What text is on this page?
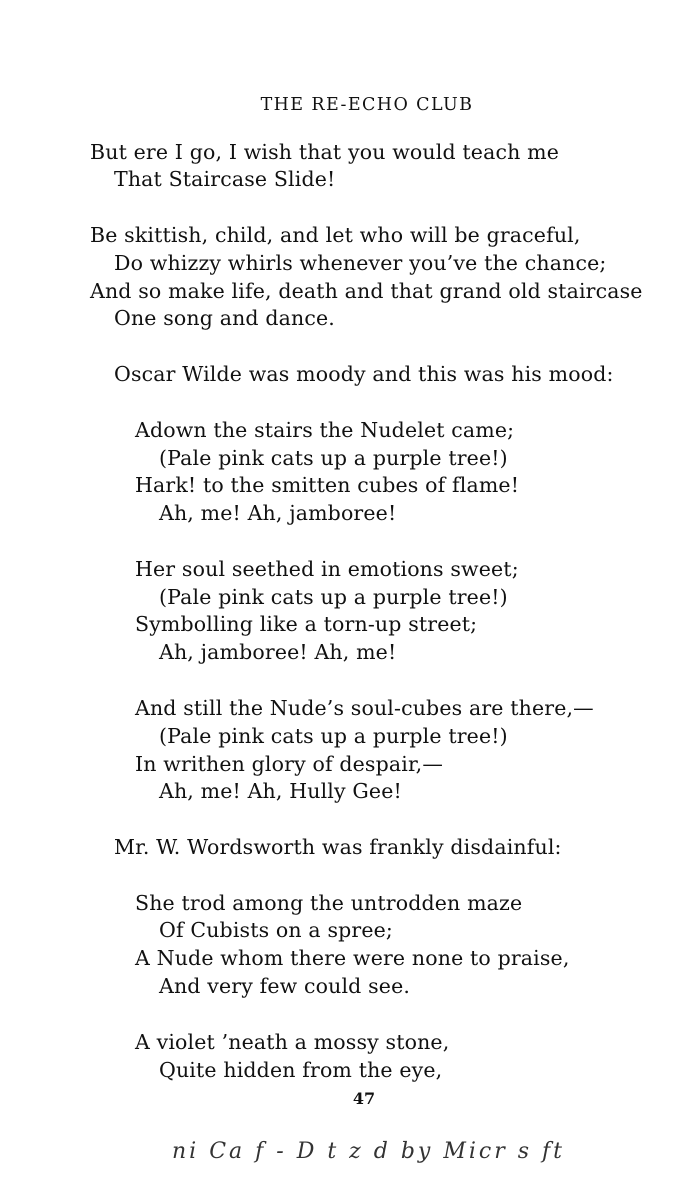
THE RE-ECHO CLUB
But ere I go, I wish that you would teach me
That Staircase Slide!
Be skittish, child, and let who will be graceful,
Do whizzy whirls whenever you’ve the chance;
And so make life, death and that grand old staircase
One song and dance.
Oscar Wilde was moody and this was his mood:
Adown the stairs the Nudelet came;
(Pale pink cats up a purple tree!)
Hark! to the smitten cubes of flame!
Ah, me! Ah, jamboree!
Her soul seethed in emotions sweet;
(Pale pink cats up a purple tree!)
Symbolling like a torn-up street;
Ah, jamboree! Ah, me!
And still the Nude’s soul-cubes are there,—
(Pale pink cats up a purple tree!)
In writhen glory of despair,—
Ah, me! Ah, Hully Gee!
Mr. W. Wordsworth was frankly disdainful:
She trod among the untrodden maze
Of Cubists on a spree;
A Nude whom there were none to praise,
And very few could see.
A violet ’neath a mossy stone,
Quite hidden from the eye,
47
ni Ca f - D t z d by Micr s ft
